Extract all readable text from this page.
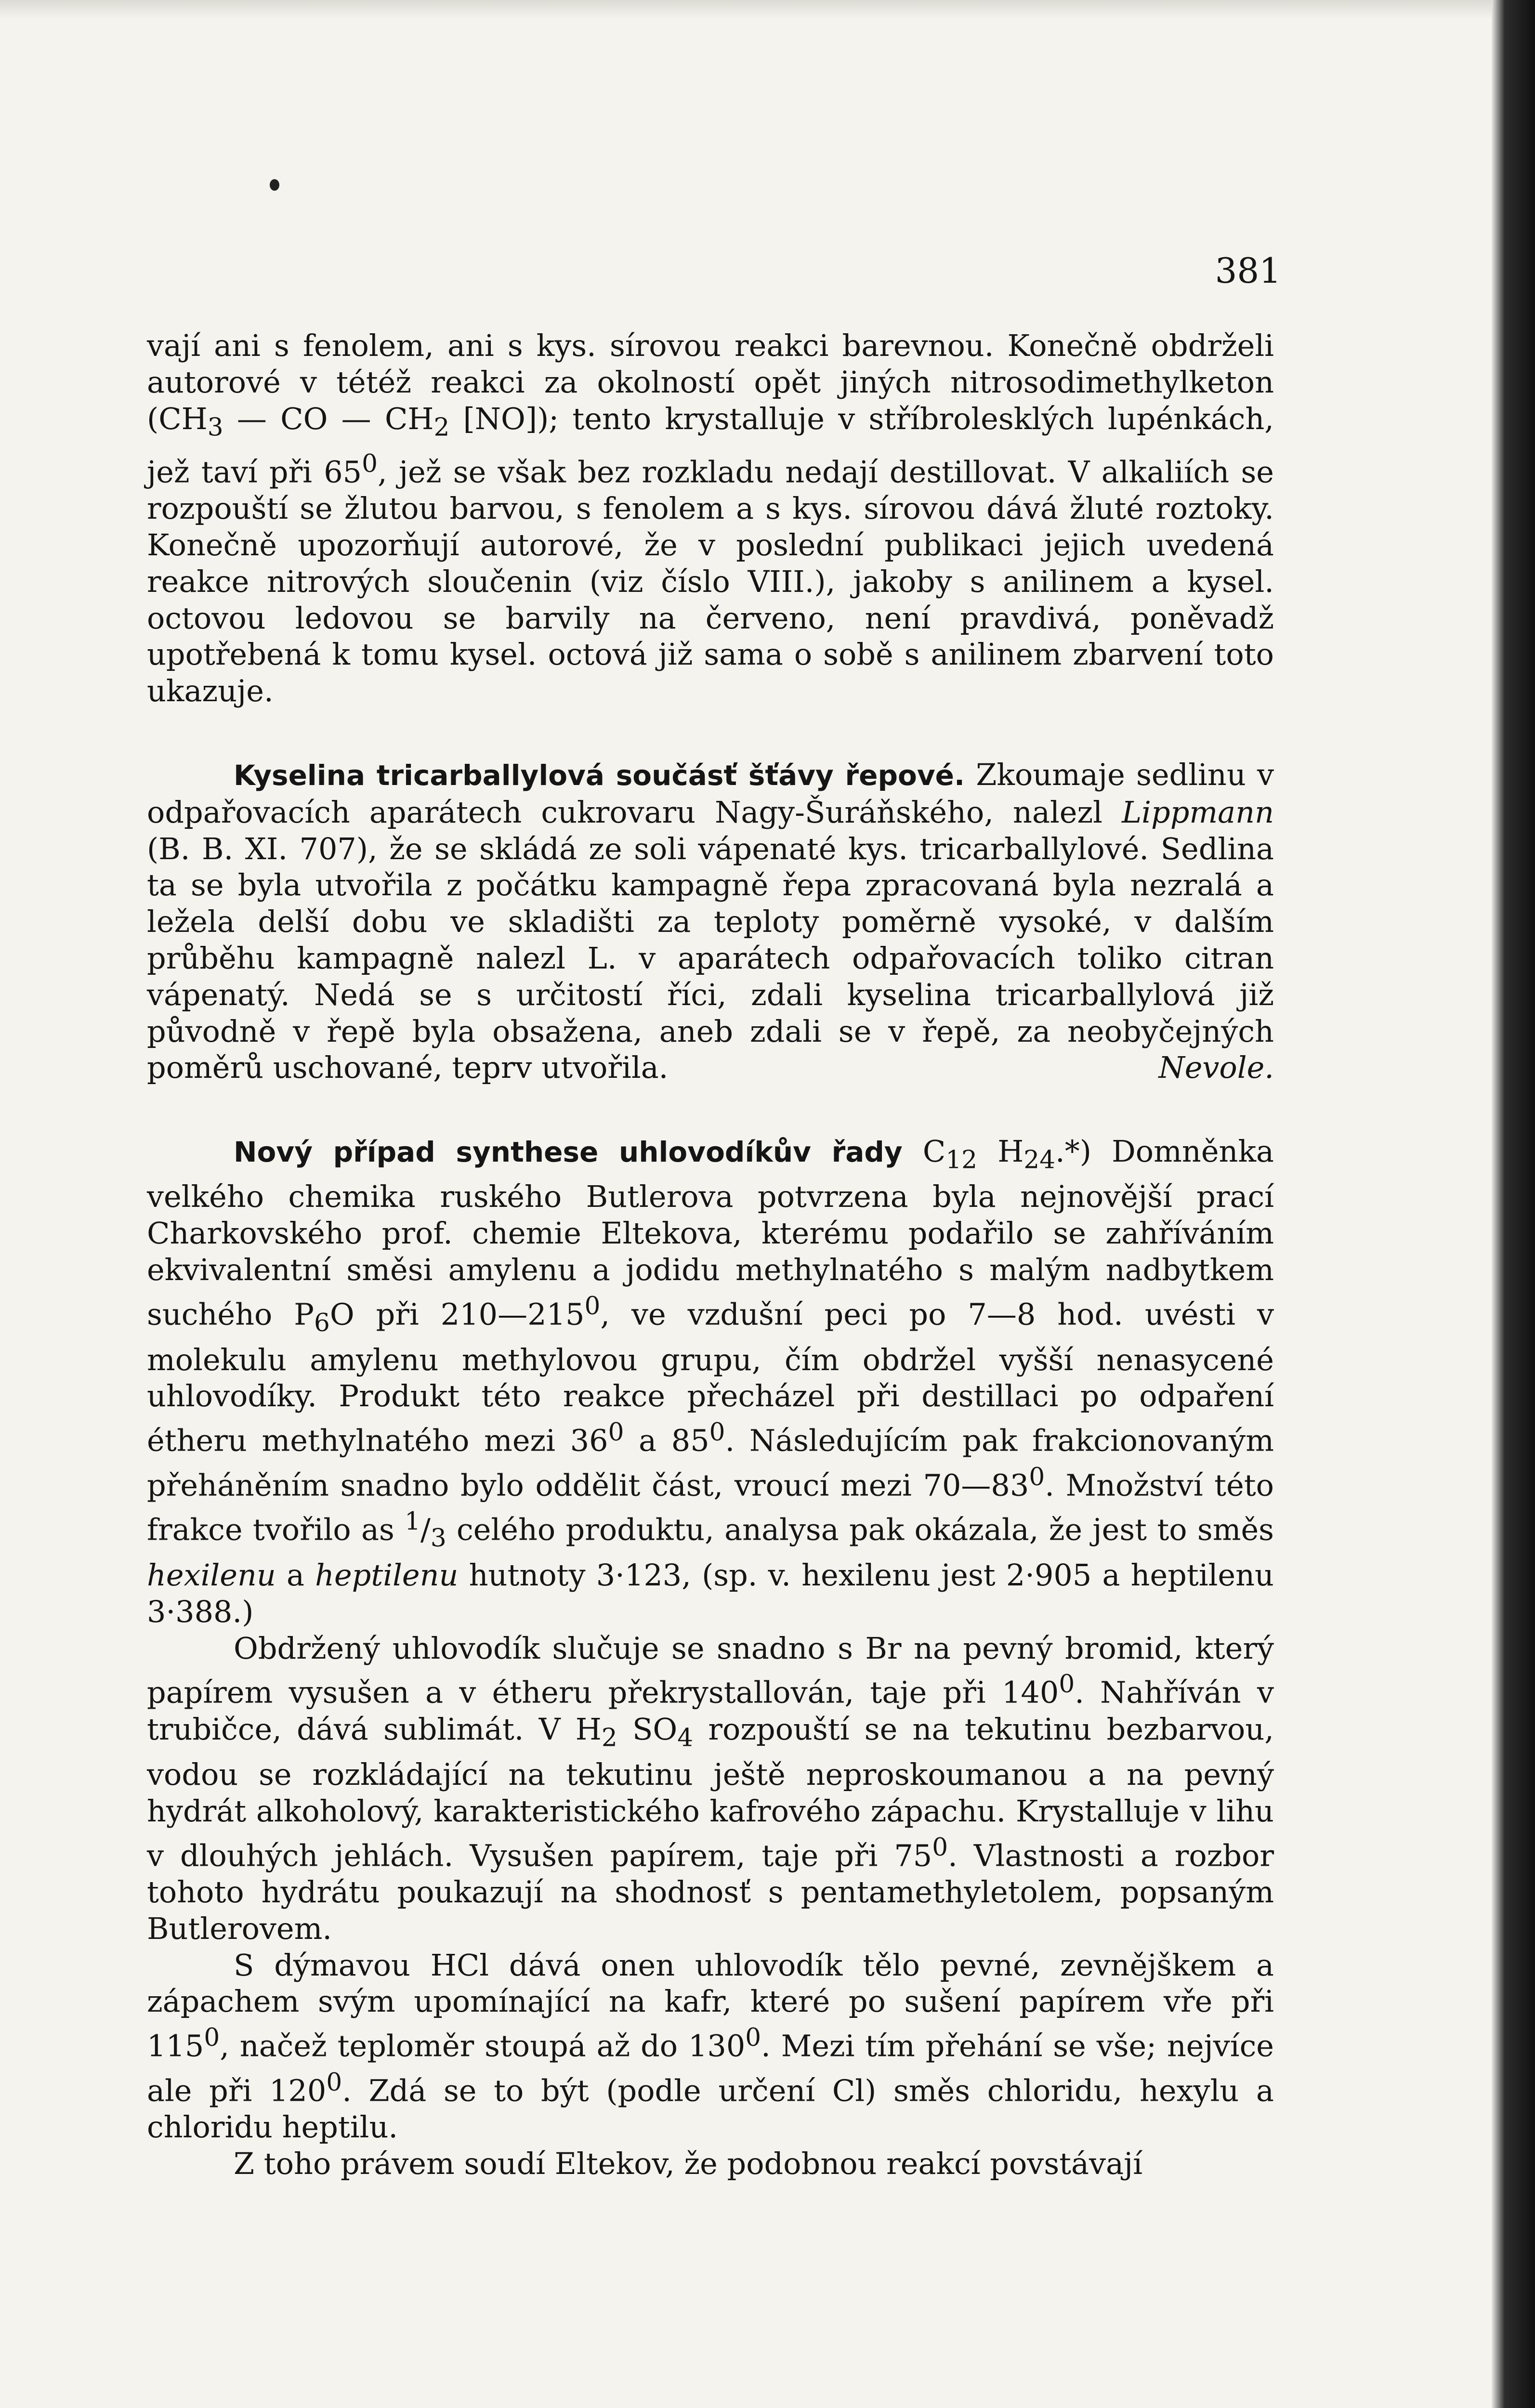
381

vají ani s fenolem, ani s kys. sírovou reakci barevnou. Konečně obdrželi autorové v tétéž reakci za okolností opět jiných nitrosodimethylketon ($CH_3$ — CO — $CH_2$ [NO]); tento krystalluje v stříbrolesklých lupénkách, jež taví při $65^0$, jež se však bez rozkladu nedají destillovat. V alkaliích se rozpouští se žlutou barvou, s fenolem a s kys. sírovou dává žluté roztoky. Konečně upozorňují autorové, že v poslední publikaci jejich uvedená reakce nitrových sloučenin (viz číslo VIII.), jakoby s anilinem a kysel. octovou ledovou se barvily na červeno, není pravdivá, poněvadž upotřebená k tomu kysel. octová již sama o sobě s anilinem zbarvení toto ukazuje.

Kyselina tricarballylová součásť šťávy řepové. Zkoumaje sedlinu v odpařovacích aparátech cukrovaru Nagy-Šuráňského, nalezl Lippmann (B. B. XI. 707), že se skládá ze soli vápenaté kys. tricarballylové. Sedlina ta se byla utvořila z počátku kampagně řepa zpracovaná byla nezralá a ležela delší dobu ve skladišti za teploty poměrně vysoké, v dalším průběhu kampagně nalezl L. v aparátech odpařovacích toliko citran vápenatý. Nedá se s určitostí říci, zdali kyselina tricarballylová již původně v řepě byla obsažena, aneb zdali se v řepě, za neobyčejných poměrů uschované, teprv utvořila.	Nevole.

Nový případ synthese uhlovodíkův řady $C_{12}$ $H_{24}.*$) Domněnka velkého chemika ruského Butlerova potvrzena byla nejnovější prací Charkovského prof. chemie Eltekova, kterému podařilo se zahříváním ekvivalentní směsi amylenu a jodidu methylnatého s malým nadbytkem suchého $P_6O$ při $210—215^0$, ve vzdušní peci po 7—8 hod. uvésti v molekulu amylenu methylovou grupu, čím obdržel vyšší nenasycené uhlovodíky. Produkt této reakce přecházel při destillaci po odpaření étheru methylnatého mezi $36^0$ a $85^0$. Následujícím pak frakcionovaným přeháněním snadno bylo oddělit část, vroucí mezi $70—83^0$. Množství této frakce tvořilo as $^1/_3$ celého produktu, analysa pak okázala, že jest to směs hexilenu a heptilenu hutnoty 3·123, (sp. v. hexilenu jest 2·905 a heptilenu 3·388.)

Obdržený uhlovodík slučuje se snadno s Br na pevný bromid, který papírem vysušen a v étheru překrystallován, taje při $140^0$. Nahříván v trubičce, dává sublimát. V $H_2$ $SO_4$ rozpouští se na tekutinu bezbarvou, vodou se rozkládající na tekutinu ještě neproskoumanou a na pevný hydrát alkoholový, karakteristického kafrového zápachu. Krystalluje v lihu v dlouhých jehlách. Vysušen papírem, taje při $75^0$. Vlastnosti a rozbor tohoto hydrátu poukazují na shodnosť s pentamethyletolem, popsaným Butlerovem.

S dýmavou HCl dává onen uhlovodík tělo pevné, zevnějškem a zápachem svým upomínající na kafr, které po sušení papírem vře při $115^0$, načež teploměr stoupá až do $130^0$. Mezi tím přehání se vše; nejvíce ale při $120^0$. Zdá se to být (podle určení Cl) směs chloridu, hexylu a chloridu heptilu.

Z toho právem soudí Eltekov, že podobnou reakcí povstávají
